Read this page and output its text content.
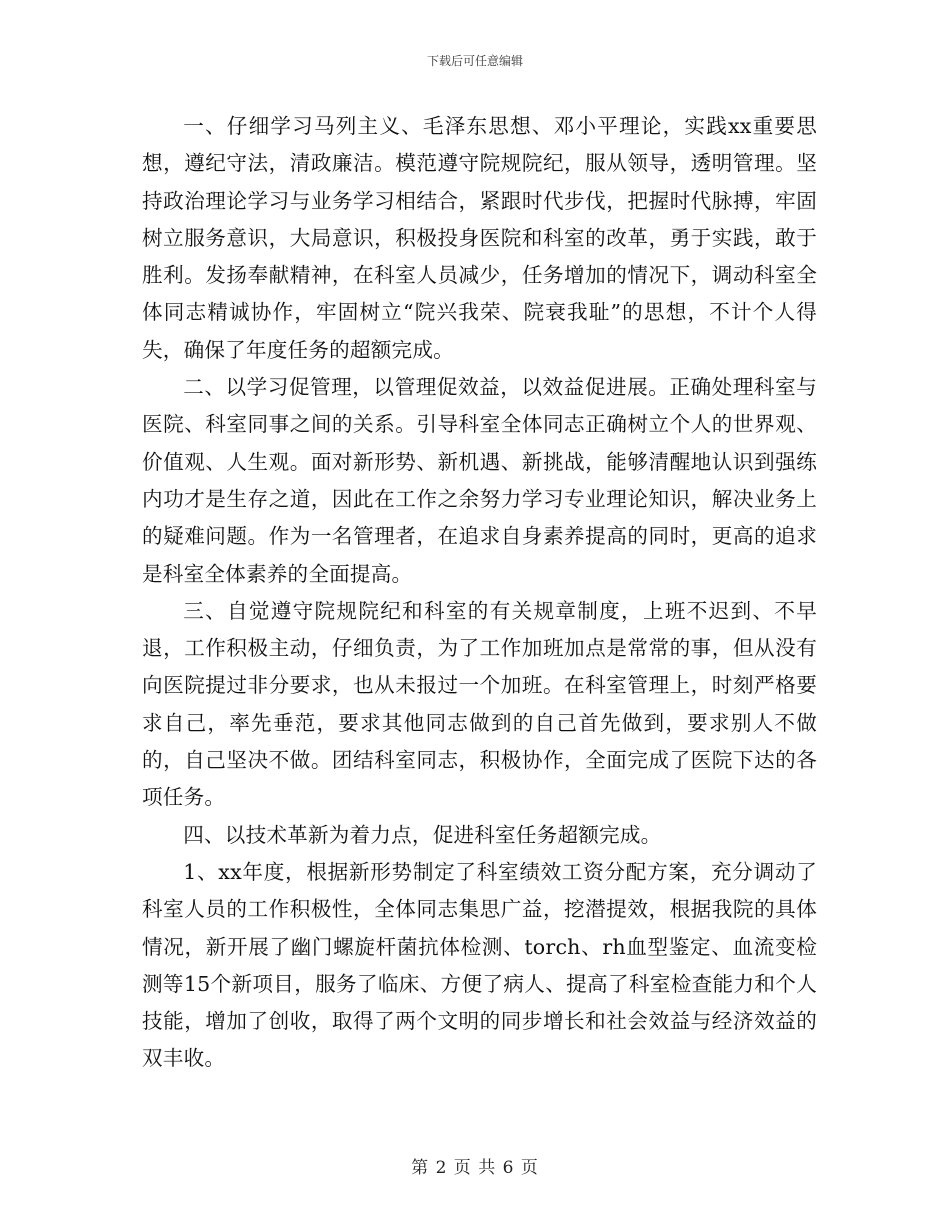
下载后可任意编辑

一、仔细学习马列主义、毛泽东思想、邓小平理论，实践xx重要思想，遵纪守法，清政廉洁。模范遵守院规院纪，服从领导，透明管理。坚持政治理论学习与业务学习相结合，紧跟时代步伐，把握时代脉搏，牢固树立服务意识，大局意识，积极投身医院和科室的改革，勇于实践，敢于胜利。发扬奉献精神，在科室人员减少，任务增加的情况下，调动科室全体同志精诚协作，牢固树立“院兴我荣、院衰我耻”的思想，不计个人得失，确保了年度任务的超额完成。

二、以学习促管理，以管理促效益，以效益促进展。正确处理科室与医院、科室同事之间的关系。引导科室全体同志正确树立个人的世界观、价值观、人生观。面对新形势、新机遇、新挑战，能够清醒地认识到强练内功才是生存之道，因此在工作之余努力学习专业理论知识，解决业务上的疑难问题。作为一名管理者，在追求自身素养提高的同时，更高的追求是科室全体素养的全面提高。

三、自觉遵守院规院纪和科室的有关规章制度，上班不迟到、不早退，工作积极主动，仔细负责，为了工作加班加点是常常的事，但从没有向医院提过非分要求，也从未报过一个加班。在科室管理上，时刻严格要求自己，率先垂范，要求其他同志做到的自己首先做到，要求别人不做的，自己坚决不做。团结科室同志，积极协作，全面完成了医院下达的各项任务。

四、以技术革新为着力点，促进科室任务超额完成。

1、xx年度，根据新形势制定了科室绩效工资分配方案，充分调动了科室人员的工作积极性，全体同志集思广益，挖潜提效，根据我院的具体情况，新开展了幽门螺旋杆菌抗体检测、torch、rh血型鉴定、血流变检测等15个新项目，服务了临床、方便了病人、提高了科室检查能力和个人技能，增加了创收，取得了两个文明的同步增长和社会效益与经济效益的双丰收。

第 2 页 共 6 页
